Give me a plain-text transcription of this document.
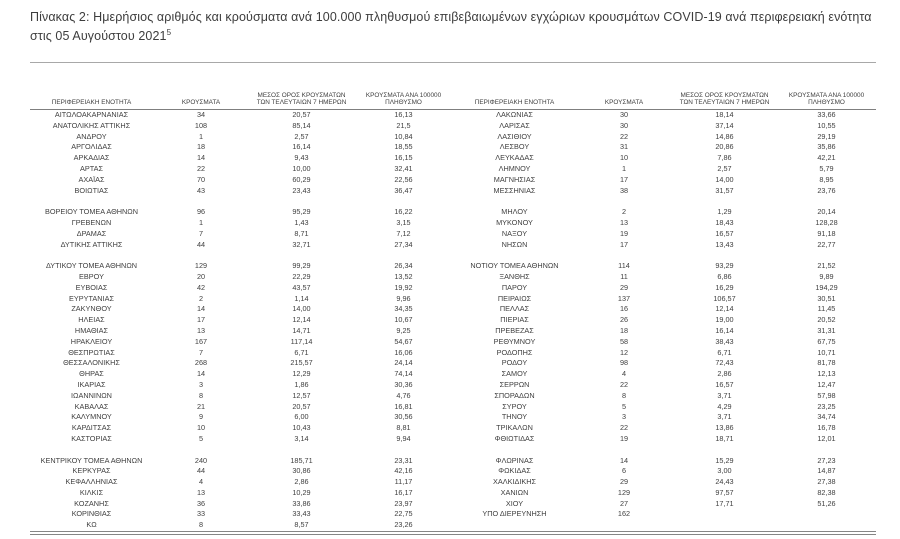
Πίνακας 2: Ημερήσιος αριθμός και κρούσματα ανά 100.000 πληθυσμού επιβεβαιωμένων εγχώριων κρουσμάτων COVID-19 ανά περιφερειακή ενότητα στις 05 Αυγούστου 2021$^5$
ΠΕΡΙΦΕΡΕΙΑΚΗ ΕΝΟΤΗΤΑ	ΚΡΟΥΣΜΑΤΑ	ΜΕΣΟΣ ΟΡΟΣ ΚΡΟΥΣΜΑΤΩΝ ΤΩΝ ΤΕΛΕΥΤΑΙΩΝ 7 ΗΜΕΡΩΝ	ΚΡΟΥΣΜΑΤΑ ΑΝΑ 100000 ΠΛΗΘΥΣΜΟ	ΠΕΡΙΦΕΡΕΙΑΚΗ ΕΝΟΤΗΤΑ	ΚΡΟΥΣΜΑΤΑ	ΜΕΣΟΣ ΟΡΟΣ ΚΡΟΥΣΜΑΤΩΝ ΤΩΝ ΤΕΛΕΥΤΑΙΩΝ 7 ΗΜΕΡΩΝ	ΚΡΟΥΣΜΑΤΑ ΑΝΑ 100000 ΠΛΗΘΥΣΜΟ
ΑΙΤΩΛΟΑΚΑΡΝΑΝΙΑΣ	34	20,57	16,13	ΛΑΚΩΝΙΑΣ	30	18,14	33,66
ΑΝΑΤΟΛΙΚΗΣ ΑΤΤΙΚΗΣ	108	85,14	21,5	ΛΑΡΙΣΑΣ	30	37,14	10,55
ΑΝΔΡΟΥ	1	2,57	10,84	ΛΑΣΙΘΙΟΥ	22	14,86	29,19
ΑΡΓΟΛΙΔΑΣ	18	16,14	18,55	ΛΕΣΒΟΥ	31	20,86	35,86
ΑΡΚΑΔΙΑΣ	14	9,43	16,15	ΛΕΥΚΑΔΑΣ	10	7,86	42,21
ΑΡΤΑΣ	22	10,00	32,41	ΛΗΜΝΟΥ	1	2,57	5,79
ΑΧΑΪΑΣ	70	60,29	22,56	ΜΑΓΝΗΣΙΑΣ	17	14,00	8,95
ΒΟΙΩΤΙΑΣ	43	23,43	36,47	ΜΕΣΣΗΝΙΑΣ	38	31,57	23,76

ΒΟΡΕΙΟΥ ΤΟΜΕΑ ΑΘΗΝΩΝ	96	95,29	16,22	ΜΗΛΟΥ	2	1,29	20,14
ΓΡΕΒΕΝΩΝ	1	1,43	3,15	ΜΥΚΟΝΟΥ	13	18,43	128,28
ΔΡΑΜΑΣ	7	8,71	7,12	ΝΑΞΟΥ	19	16,57	91,18
ΔΥΤΙΚΗΣ ΑΤΤΙΚΗΣ	44	32,71	27,34	ΝΗΣΩΝ	17	13,43	22,77

ΔΥΤΙΚΟΥ ΤΟΜΕΑ ΑΘΗΝΩΝ	129	99,29	26,34	ΝΟΤΙΟΥ ΤΟΜΕΑ ΑΘΗΝΩΝ	114	93,29	21,52
ΕΒΡΟΥ	20	22,29	13,52	ΞΑΝΘΗΣ	11	6,86	9,89
ΕΥΒΟΙΑΣ	42	43,57	19,92	ΠΑΡΟΥ	29	16,29	194,29
ΕΥΡΥΤΑΝΙΑΣ	2	1,14	9,96	ΠΕΙΡΑΙΩΣ	137	106,57	30,51
ΖΑΚΥΝΘΟΥ	14	14,00	34,35	ΠΕΛΛΑΣ	16	12,14	11,45
ΗΛΕΙΑΣ	17	12,14	10,67	ΠΙΕΡΙΑΣ	26	19,00	20,52
ΗΜΑΘΙΑΣ	13	14,71	9,25	ΠΡΕΒΕΖΑΣ	18	16,14	31,31
ΗΡΑΚΛΕΙΟΥ	167	117,14	54,67	ΡΕΘΥΜΝΟΥ	58	38,43	67,75
ΘΕΣΠΡΩΤΙΑΣ	7	6,71	16,06	ΡΟΔΟΠΗΣ	12	6,71	10,71
ΘΕΣΣΑΛΟΝΙΚΗΣ	268	215,57	24,14	ΡΟΔΟΥ	98	72,43	81,78
ΘΗΡΑΣ	14	12,29	74,14	ΣΑΜΟΥ	4	2,86	12,13
ΙΚΑΡΙΑΣ	3	1,86	30,36	ΣΕΡΡΩΝ	22	16,57	12,47
ΙΩΑΝΝΙΝΩΝ	8	12,57	4,76	ΣΠΟΡΑΔΩΝ	8	3,71	57,98
ΚΑΒΑΛΑΣ	21	20,57	16,81	ΣΥΡΟΥ	5	4,29	23,25
ΚΑΛΥΜΝΟΥ	9	6,00	30,56	ΤΗΝΟΥ	3	3,71	34,74
ΚΑΡΔΙΤΣΑΣ	10	10,43	8,81	ΤΡΙΚΑΛΩΝ	22	13,86	16,78
ΚΑΣΤΟΡΙΑΣ	5	3,14	9,94	ΦΘΙΩΤΙΔΑΣ	19	18,71	12,01

ΚΕΝΤΡΙΚΟΥ ΤΟΜΕΑ ΑΘΗΝΩΝ	240	185,71	23,31	ΦΛΩΡΙΝΑΣ	14	15,29	27,23
ΚΕΡΚΥΡΑΣ	44	30,86	42,16	ΦΩΚΙΔΑΣ	6	3,00	14,87
ΚΕΦΑΛΛΗΝΙΑΣ	4	2,86	11,17	ΧΑΛΚΙΔΙΚΗΣ	29	24,43	27,38
ΚΙΛΚΙΣ	13	10,29	16,17	ΧΑΝΙΩΝ	129	97,57	82,38
ΚΟΖΑΝΗΣ	36	33,86	23,97	ΧΙΟΥ	27	17,71	51,26
ΚΟΡΙΝΘΙΑΣ	33	33,43	22,75	ΥΠΟ ΔΙΕΡΕΥΝΗΣΗ	162		
ΚΩ	8	8,57	23,26				
